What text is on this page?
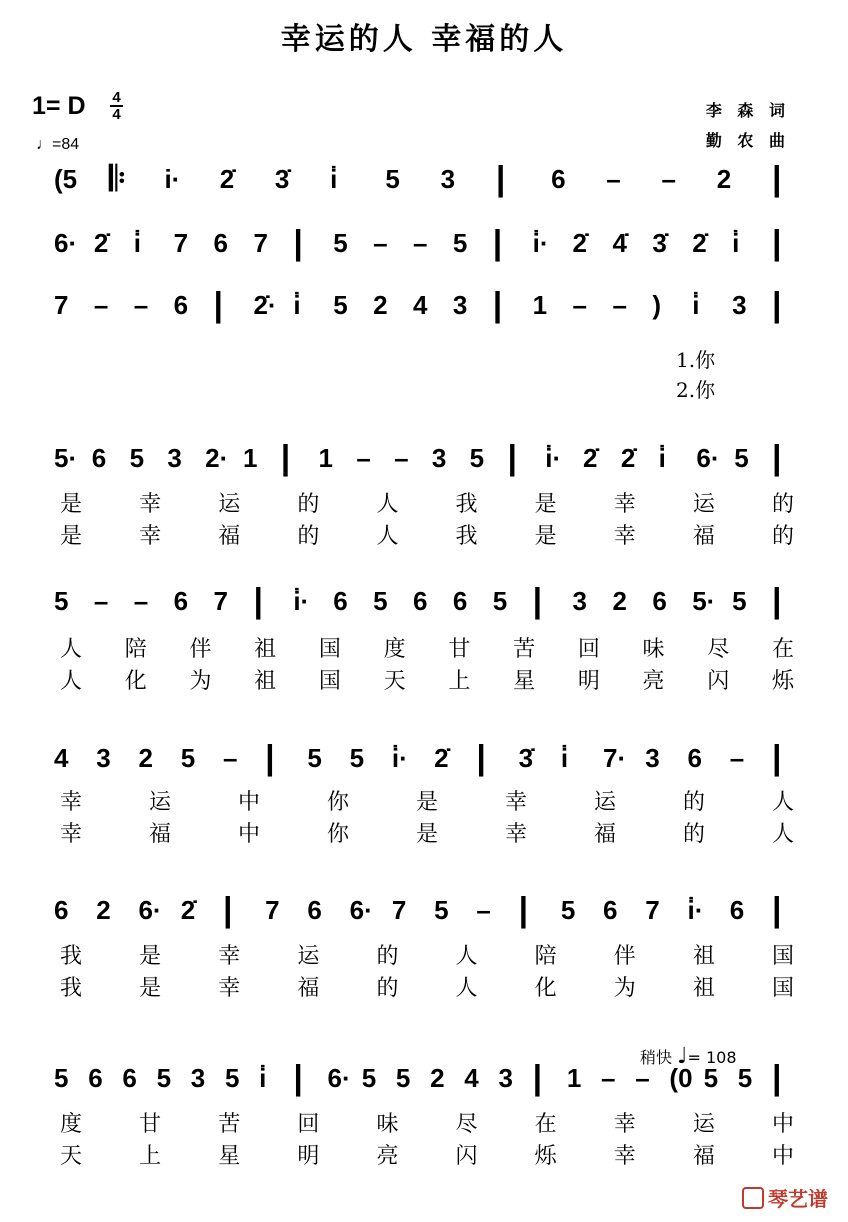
幸运的人 幸福的人
1= D 4
4
♩=84
李 森 词
勤 农 曲
1.你
2.你
稍快 ♩= 108
(5 𝄆 i· 2̇ 3̇ i̇ 5 3 | 6 – – 2 |
6· 2̇ i̇ 7 6 7 | 5 – – 5 | i̇· 2̇ 4̇ 3̇ 2̇ i̇ |
7 – – 6 | 2̇· i̇ 5 2 4 3 | 1 – – ) i̇ 3 |
5· 6 5 3 2· 1 | 1 – – 3 5 | i̇· 2̇ 2̇ i̇ 6· 5 |
是	幸	运	的	人	我	是	幸	运	的
是	幸	福	的	人	我	是	幸	福	的
5 – – 6 7 | i̇· 6 5 6 6 5 | 3 2 6 5· 5 |
人 陪 伴 祖 国 度 甘 苦 回 味 尽 在
人 化 为 祖 国 天 上 星 明 亮 闪 烁
4 3 2 5 – | 5 5 i̇· 2̇ | 3̇ i̇ 7· 3 6 – |
幸	运	中	你	是	幸	运	的	人
幸	福	中	你	是	幸	福	的	人
6 2 6· 2̇ | 7 6 6· 7 5 – | 5 6 7 i̇· 6 |
我	是	幸	运	的	人	陪	伴	祖	国
我	是	幸	福	的	人	化	为	祖	国
5 6 6 5 3 5 i̇ | 6· 5 5 2 4 3 | 1 – – (0 5 5 |
度	甘	苦	回	味	尽	在	幸	运	中
天	上	星	明	亮	闪	烁	幸	福	中
琴艺谱
